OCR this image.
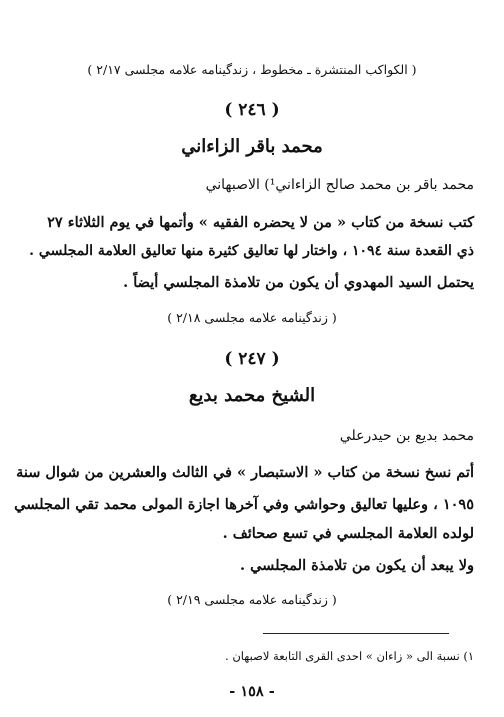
( الكواكب المنتشرة ـ مخطوط ، زندگينامه علامه مجلسى ۲/۱۷ )
( ٢٤٦ )
محمد باقر الزاءاني
محمد باقر بن محمد صالح الزاءاني¹) الاصبهاني
كتب نسخة من كتاب « من لا يحضره الفقيه » وأتمها في يوم الثلاثاء ٢٧
ذي القعدة سنة ١٠٩٤ ، واختار لها تعاليق كثيرة منها تعاليق العلامة المجلسي .
يحتمل السيد المهدوي أن يكون من تلامذة المجلسي أيضاً .
( زندگينامه علامه مجلسى ۲/۱۸ )
( ٢٤٧ )
الشيخ محمد بديع
محمد بديع بن حيدرعلي
أتم نسخ نسخة من كتاب « الاستبصار » في الثالث والعشرين من شوال سنة
١٠٩٥ ، وعليها تعاليق وحواشي وفي آخرها اجازة المولى محمد تقي المجلسي
لولده العلامة المجلسي في تسع صحائف .
ولا يبعد أن يكون من تلامذة المجلسي .
( زندگينامه علامه مجلسى ۲/۱۹ )
١) نسبة الى « زاءان » احدى القرى التابعة لاصبهان .
- ١٥٨ -
